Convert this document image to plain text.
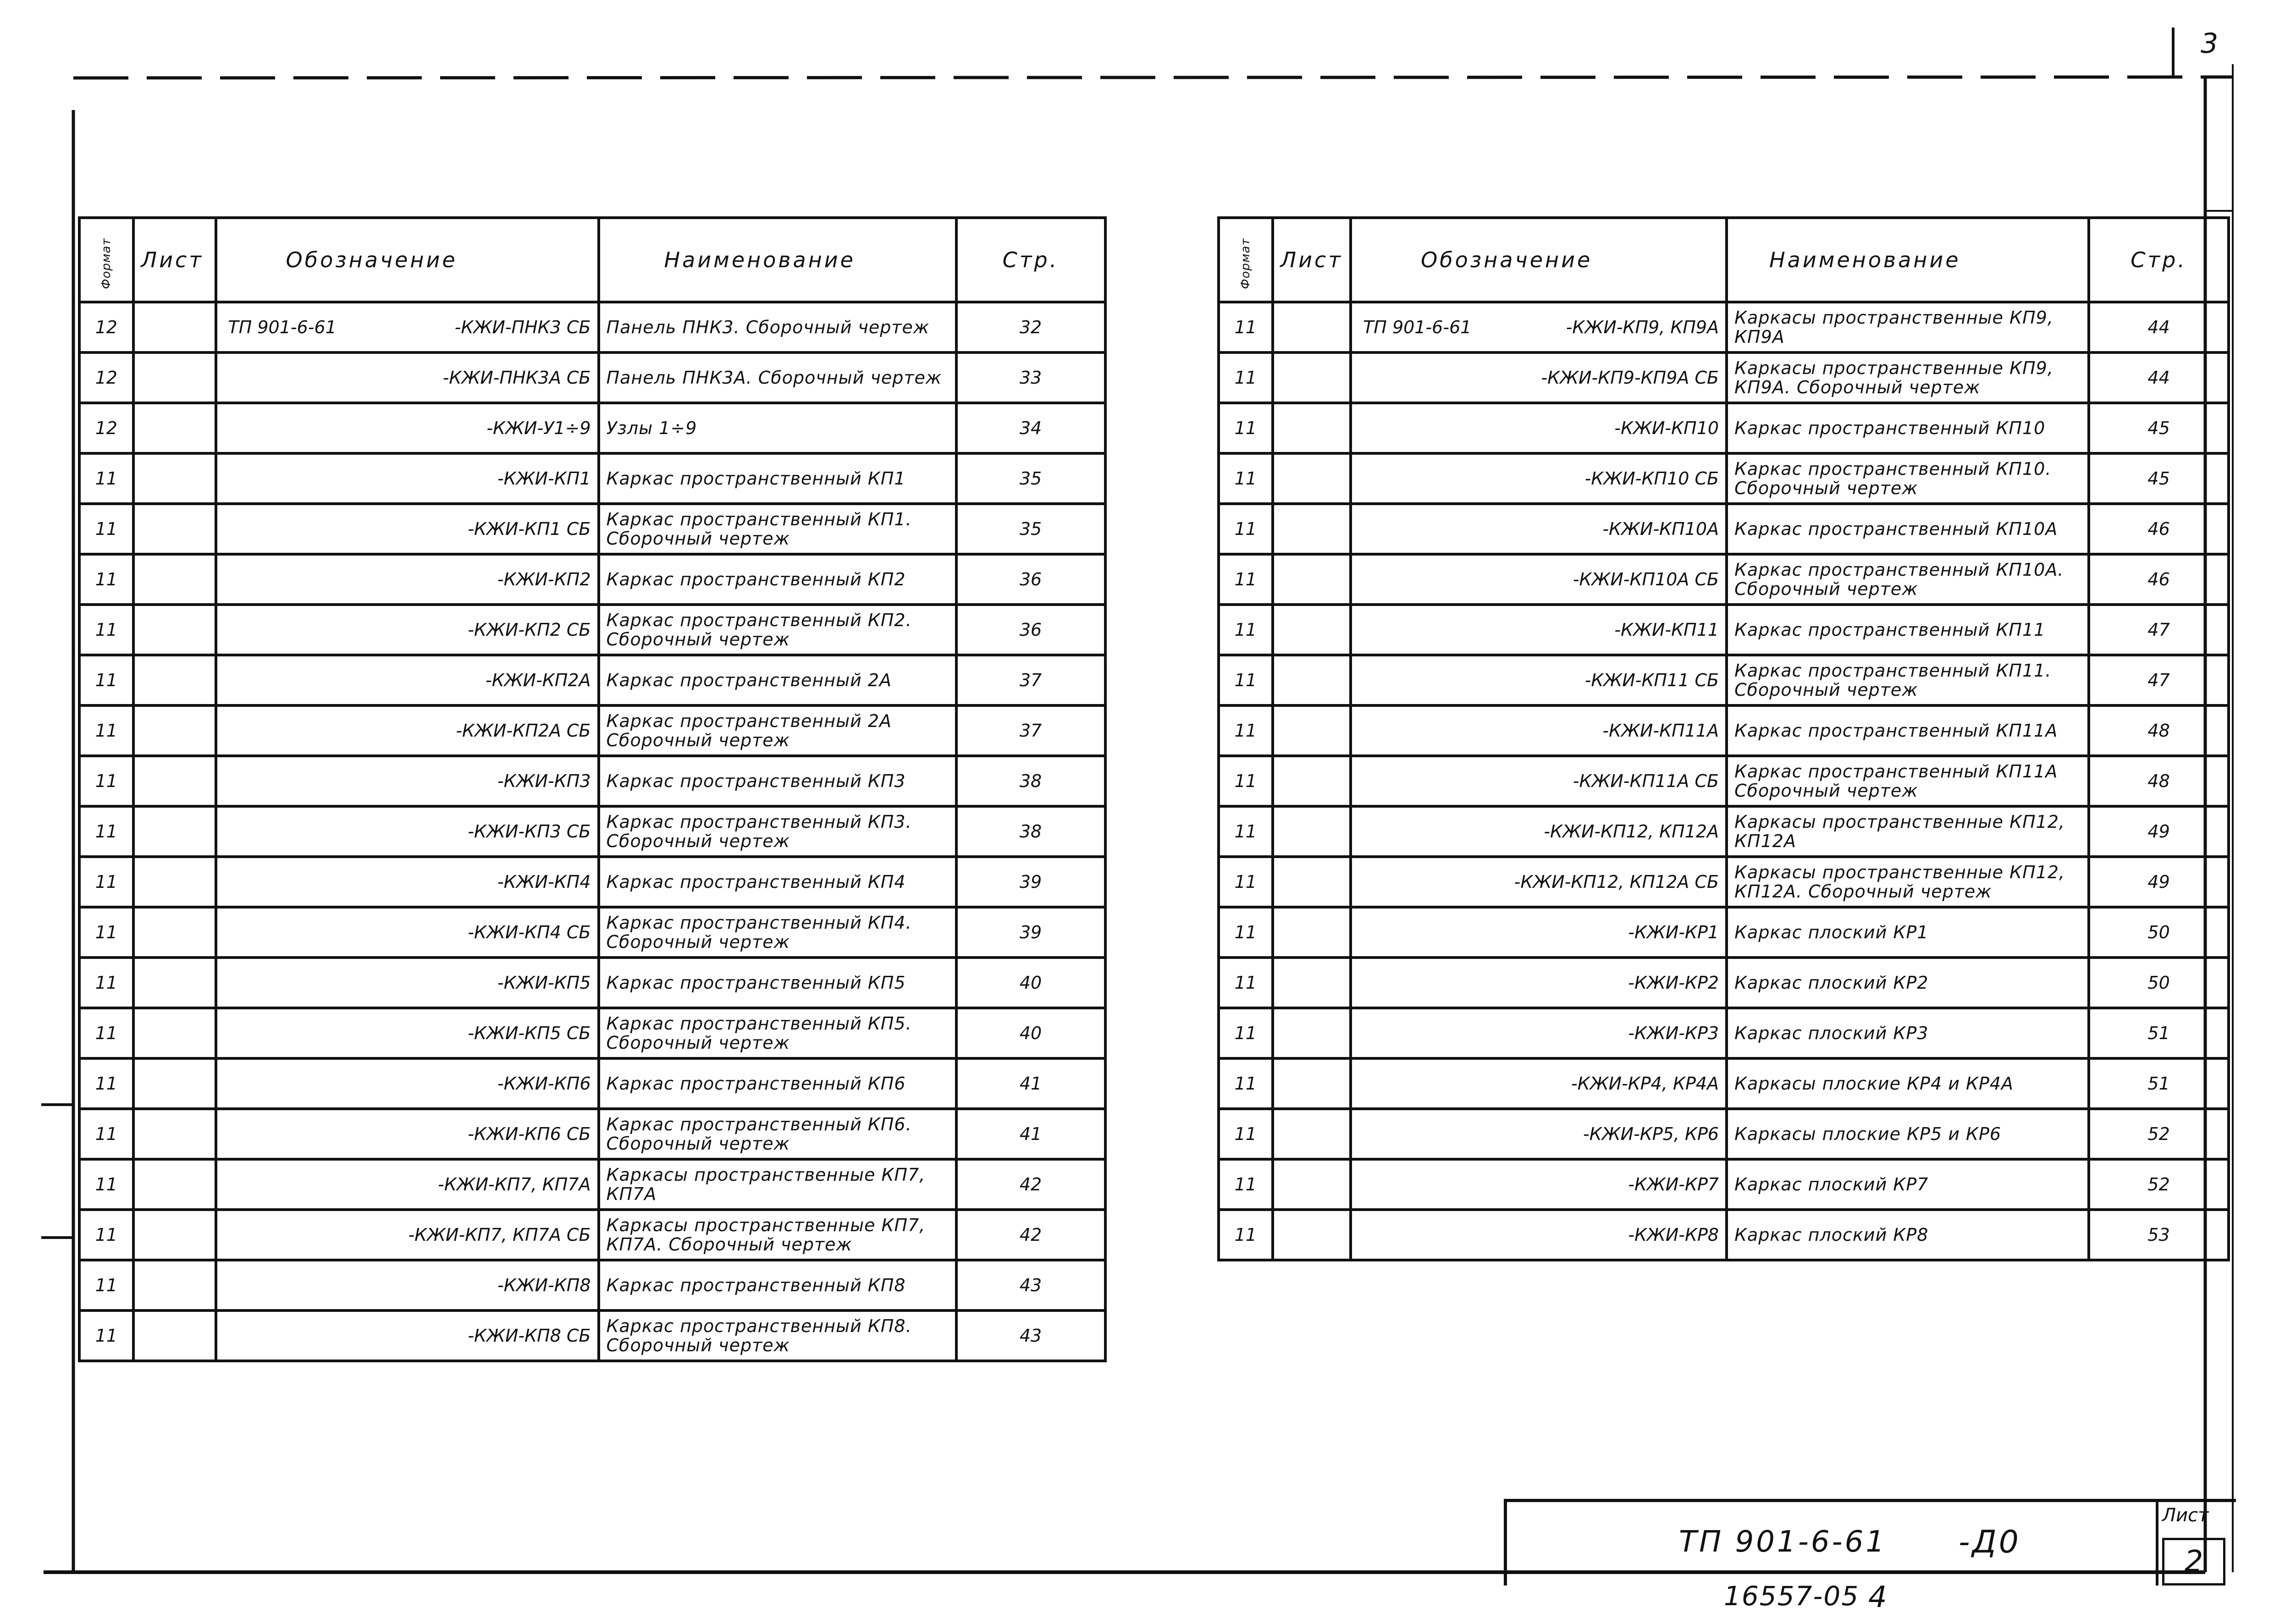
Формат	Лист	Обозначение	Наименование	Стр.
12		ТП 901-6-61 -КЖИ-ПНК3 СБ	Панель ПНК3. Сборочный чертеж	32
12		-КЖИ-ПНК3А СБ	Панель ПНК3А. Сборочный чертеж	33
12		-КЖИ-У1÷9	Узлы 1÷9	34
11		-КЖИ-КП1	Каркас пространственный КП1	35
11		-КЖИ-КП1 СБ	Каркас пространственный КП1. Сборочный чертеж	35
11		-КЖИ-КП2	Каркас пространственный КП2	36
11		-КЖИ-КП2 СБ	Каркас пространственный КП2. Сборочный чертеж	36
11		-КЖИ-КП2А	Каркас пространственный 2А	37
11		-КЖИ-КП2А СБ	Каркас пространственный 2А Сборочный чертеж	37
11		-КЖИ-КП3	Каркас пространственный КП3	38
11		-КЖИ-КП3 СБ	Каркас пространственный КП3. Сборочный чертеж	38
11		-КЖИ-КП4	Каркас пространственный КП4	39
11		-КЖИ-КП4 СБ	Каркас пространственный КП4. Сборочный чертеж	39
11		-КЖИ-КП5	Каркас пространственный КП5	40
11		-КЖИ-КП5 СБ	Каркас пространственный КП5. Сборочный чертеж	40
11		-КЖИ-КП6	Каркас пространственный КП6	41
11		-КЖИ-КП6 СБ	Каркас пространственный КП6. Сборочный чертеж	41
11		-КЖИ-КП7, КП7А	Каркасы пространственные КП7, КП7А	42
11		-КЖИ-КП7, КП7А СБ	Каркасы пространственные КП7, КП7А. Сборочный чертеж	42
11		-КЖИ-КП8	Каркас пространственный КП8	43
11		-КЖИ-КП8 СБ	Каркас пространственный КП8. Сборочный чертеж	43
Формат	Лист	Обозначение	Наименование	Стр.
11		ТП 901-6-61 -КЖИ-КП9, КП9А	Каркасы пространственные КП9, КП9А	44
11		-КЖИ-КП9-КП9А СБ	Каркасы пространственные КП9, КП9А. Сборочный чертеж	44
11		-КЖИ-КП10	Каркас пространственный КП10	45
11		-КЖИ-КП10 СБ	Каркас пространственный КП10. Сборочный чертеж	45
11		-КЖИ-КП10А	Каркас пространственный КП10А	46
11		-КЖИ-КП10А СБ	Каркас пространственный КП10А. Сборочный чертеж	46
11		-КЖИ-КП11	Каркас пространственный КП11	47
11		-КЖИ-КП11 СБ	Каркас пространственный КП11. Сборочный чертеж	47
11		-КЖИ-КП11А	Каркас пространственный КП11А	48
11		-КЖИ-КП11А СБ	Каркас пространственный КП11А Сборочный чертеж	48
11		-КЖИ-КП12, КП12А	Каркасы пространственные КП12, КП12А	49
11		-КЖИ-КП12, КП12А СБ	Каркасы пространственные КП12, КП12А. Сборочный чертеж	49
11		-КЖИ-КР1	Каркас плоский КР1	50
11		-КЖИ-КР2	Каркас плоский КР2	50
11		-КЖИ-КР3	Каркас плоский КР3	51
11		-КЖИ-КР4, КР4А	Каркасы плоские КР4 и КР4А	51
11		-КЖИ-КР5, КР6	Каркасы плоские КР5 и КР6	52
11		-КЖИ-КР7	Каркас плоский КР7	52
11		-КЖИ-КР8	Каркас плоский КР8	53
ТП 901-6-61 -Д0
Лист
2
16557-05 4
3
